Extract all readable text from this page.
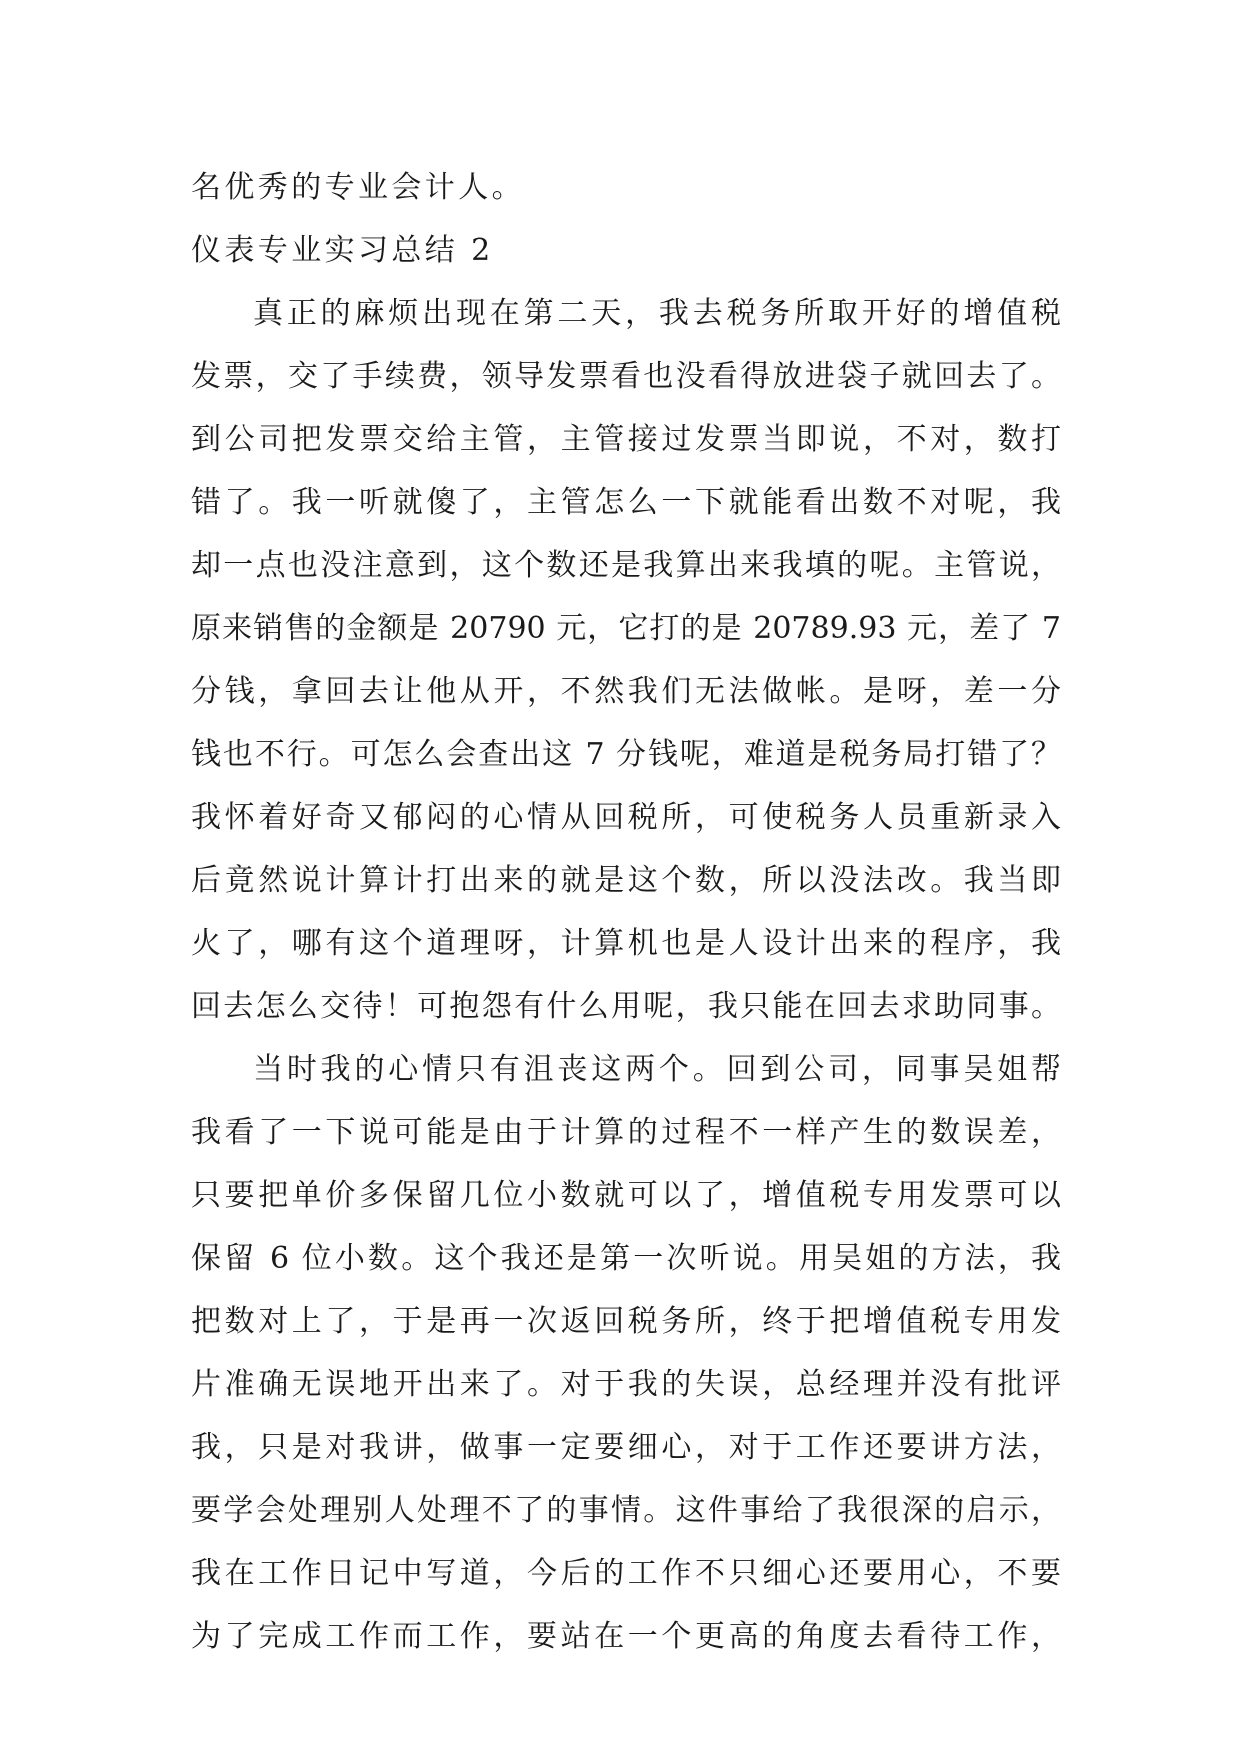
名优秀的专业会计人。
仪表专业实习总结 2
真正的麻烦出现在第二天，我去税务所取开好的增值税
发票，交了手续费，领导发票看也没看得放进袋子就回去了。
到公司把发票交给主管，主管接过发票当即说，不对，数打
错了。我一听就傻了，主管怎么一下就能看出数不对呢，我
却一点也没注意到，这个数还是我算出来我填的呢。主管说，
原来销售的金额是 20790 元，它打的是 20789.93 元，差了 7
分钱，拿回去让他从开，不然我们无法做帐。是呀，差一分
钱也不行。可怎么会查出这 7 分钱呢，难道是税务局打错了？
我怀着好奇又郁闷的心情从回税所，可使税务人员重新录入
后竟然说计算计打出来的就是这个数，所以没法改。我当即
火了，哪有这个道理呀，计算机也是人设计出来的程序，我
回去怎么交待！可抱怨有什么用呢，我只能在回去求助同事。
当时我的心情只有沮丧这两个。回到公司，同事吴姐帮
我看了一下说可能是由于计算的过程不一样产生的数误差，
只要把单价多保留几位小数就可以了，增值税专用发票可以
保留 6 位小数。这个我还是第一次听说。用吴姐的方法，我
把数对上了，于是再一次返回税务所，终于把增值税专用发
片准确无误地开出来了。对于我的失误，总经理并没有批评
我，只是对我讲，做事一定要细心，对于工作还要讲方法，
要学会处理别人处理不了的事情。这件事给了我很深的启示，
我在工作日记中写道，今后的工作不只细心还要用心，不要
为了完成工作而工作，要站在一个更高的角度去看待工作，
